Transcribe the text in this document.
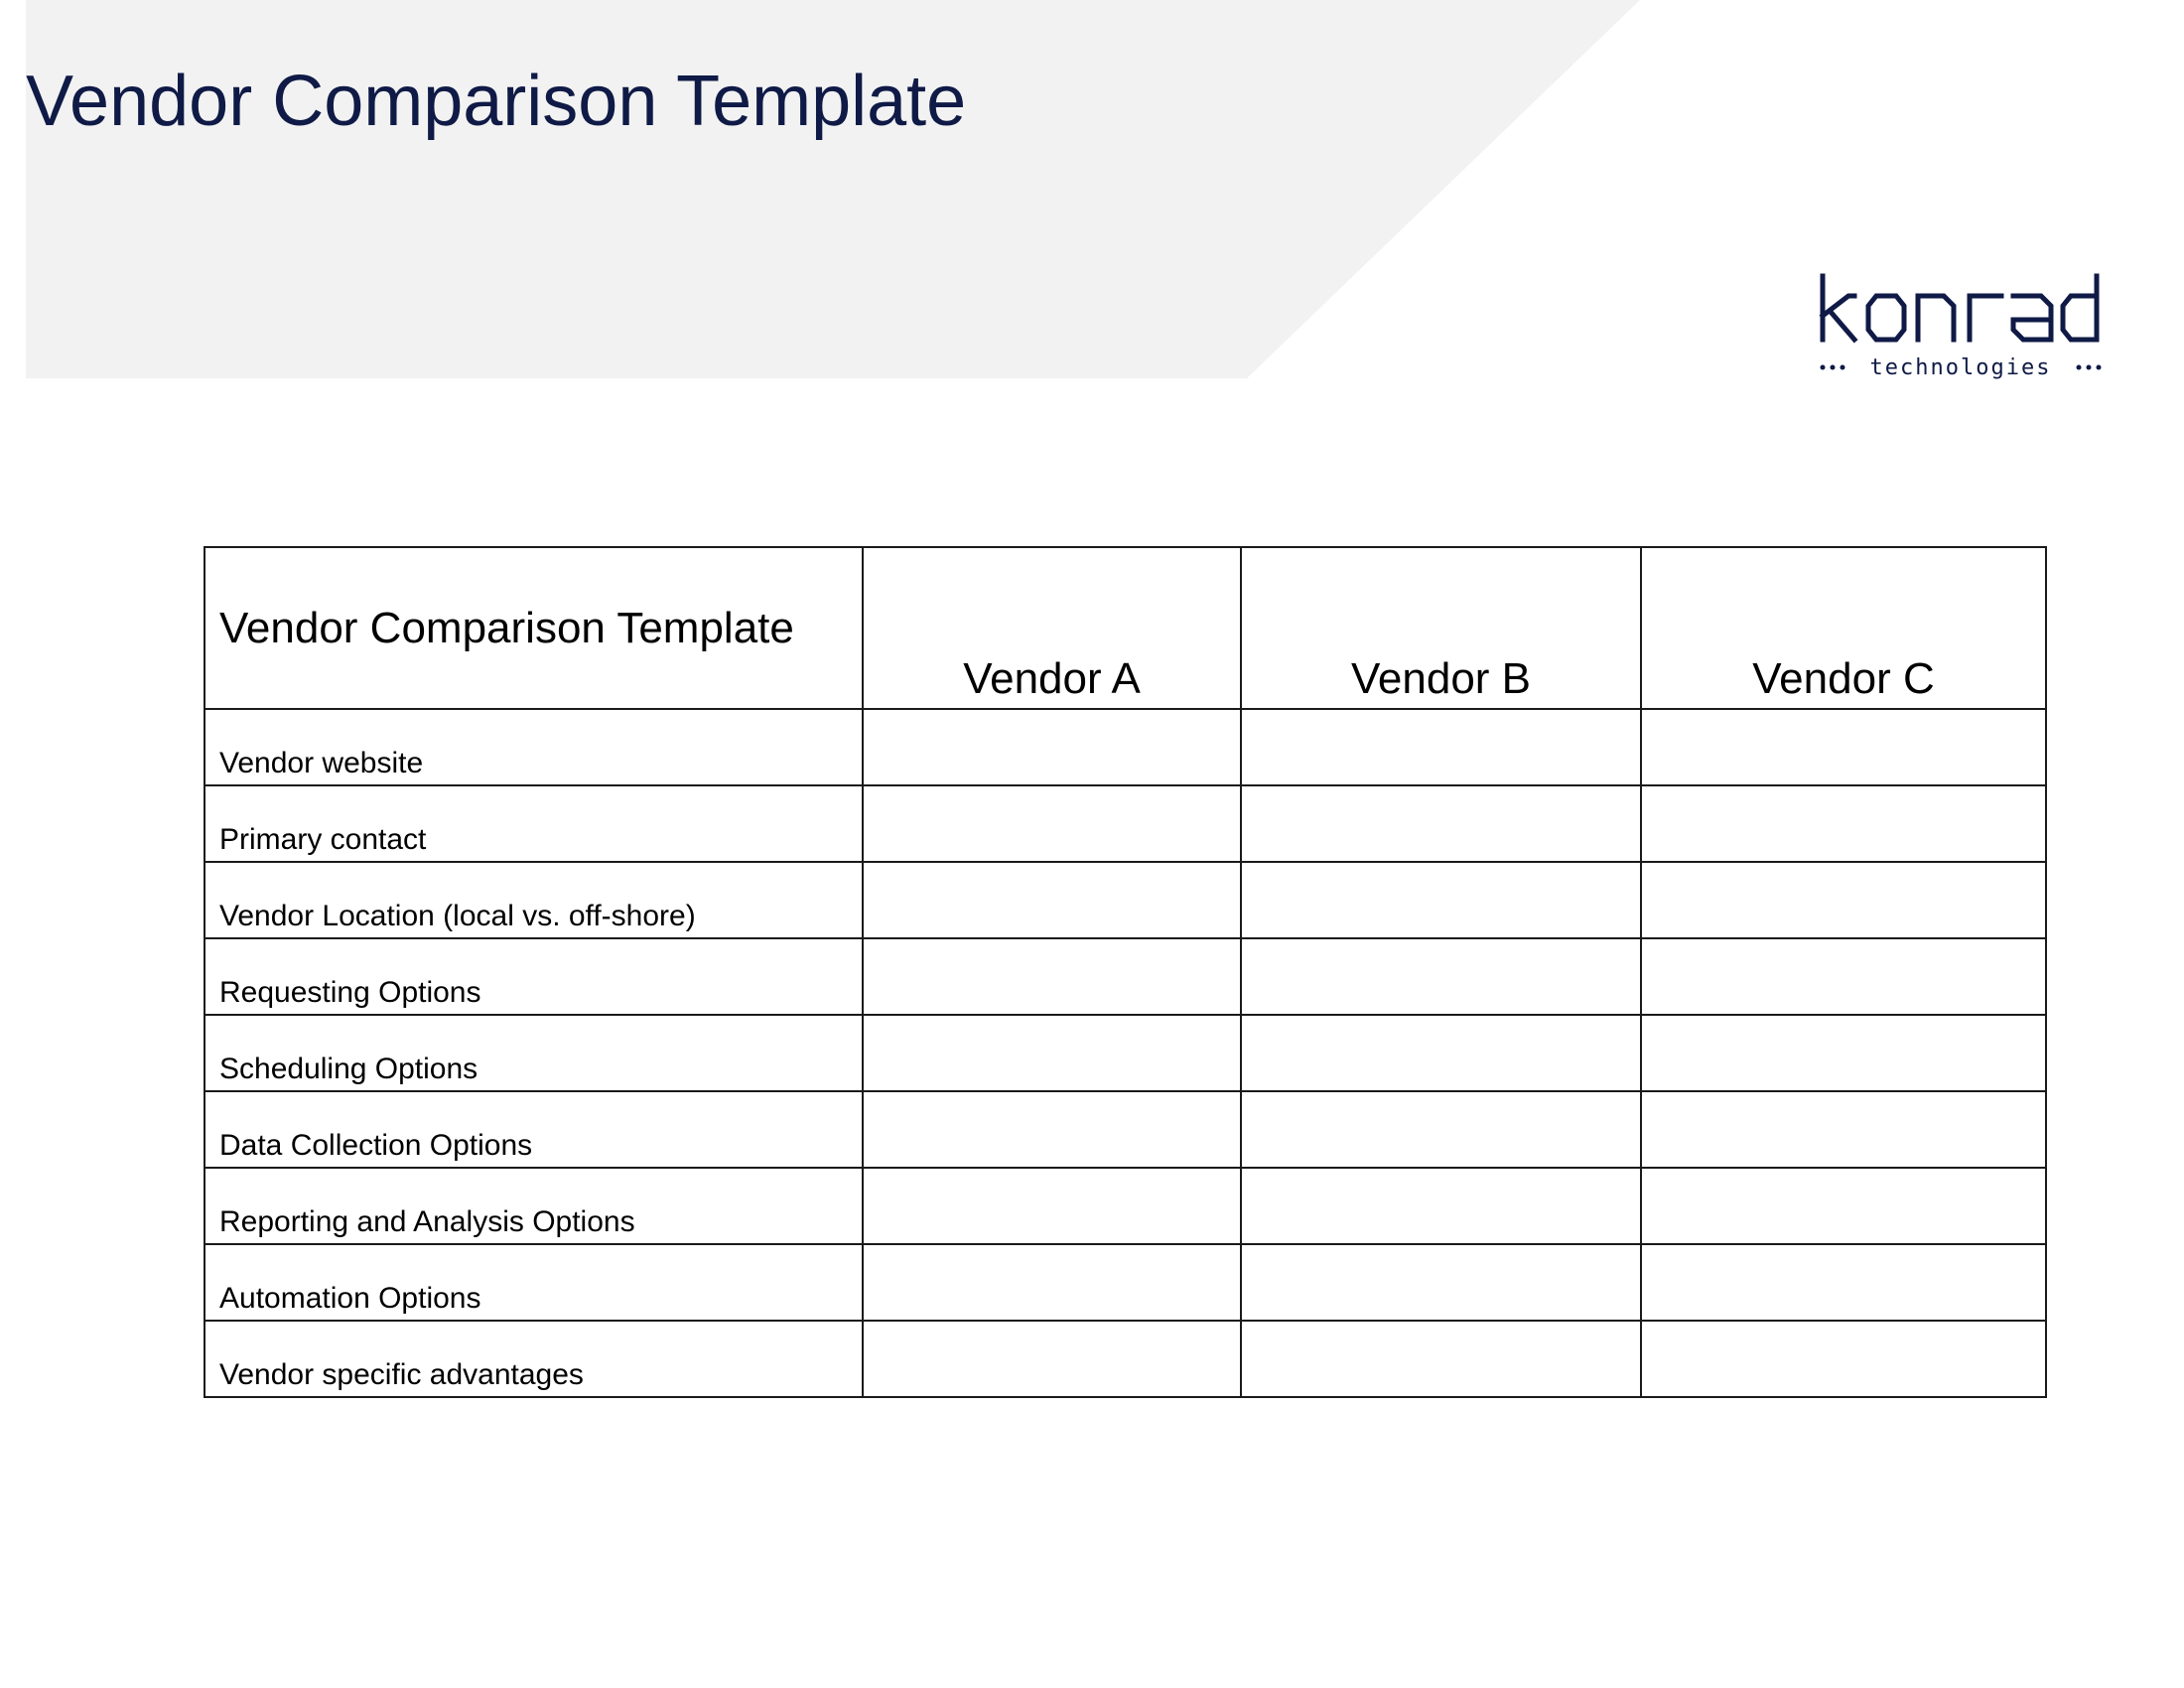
Vendor Comparison Template
technologies
Vendor Comparison Template	Vendor A	Vendor B	Vendor C
Vendor website			
Primary contact			
Vendor Location (local vs. off-shore)			
Requesting Options			
Scheduling Options			
Data Collection Options			
Reporting and Analysis Options			
Automation Options			
Vendor specific advantages			
